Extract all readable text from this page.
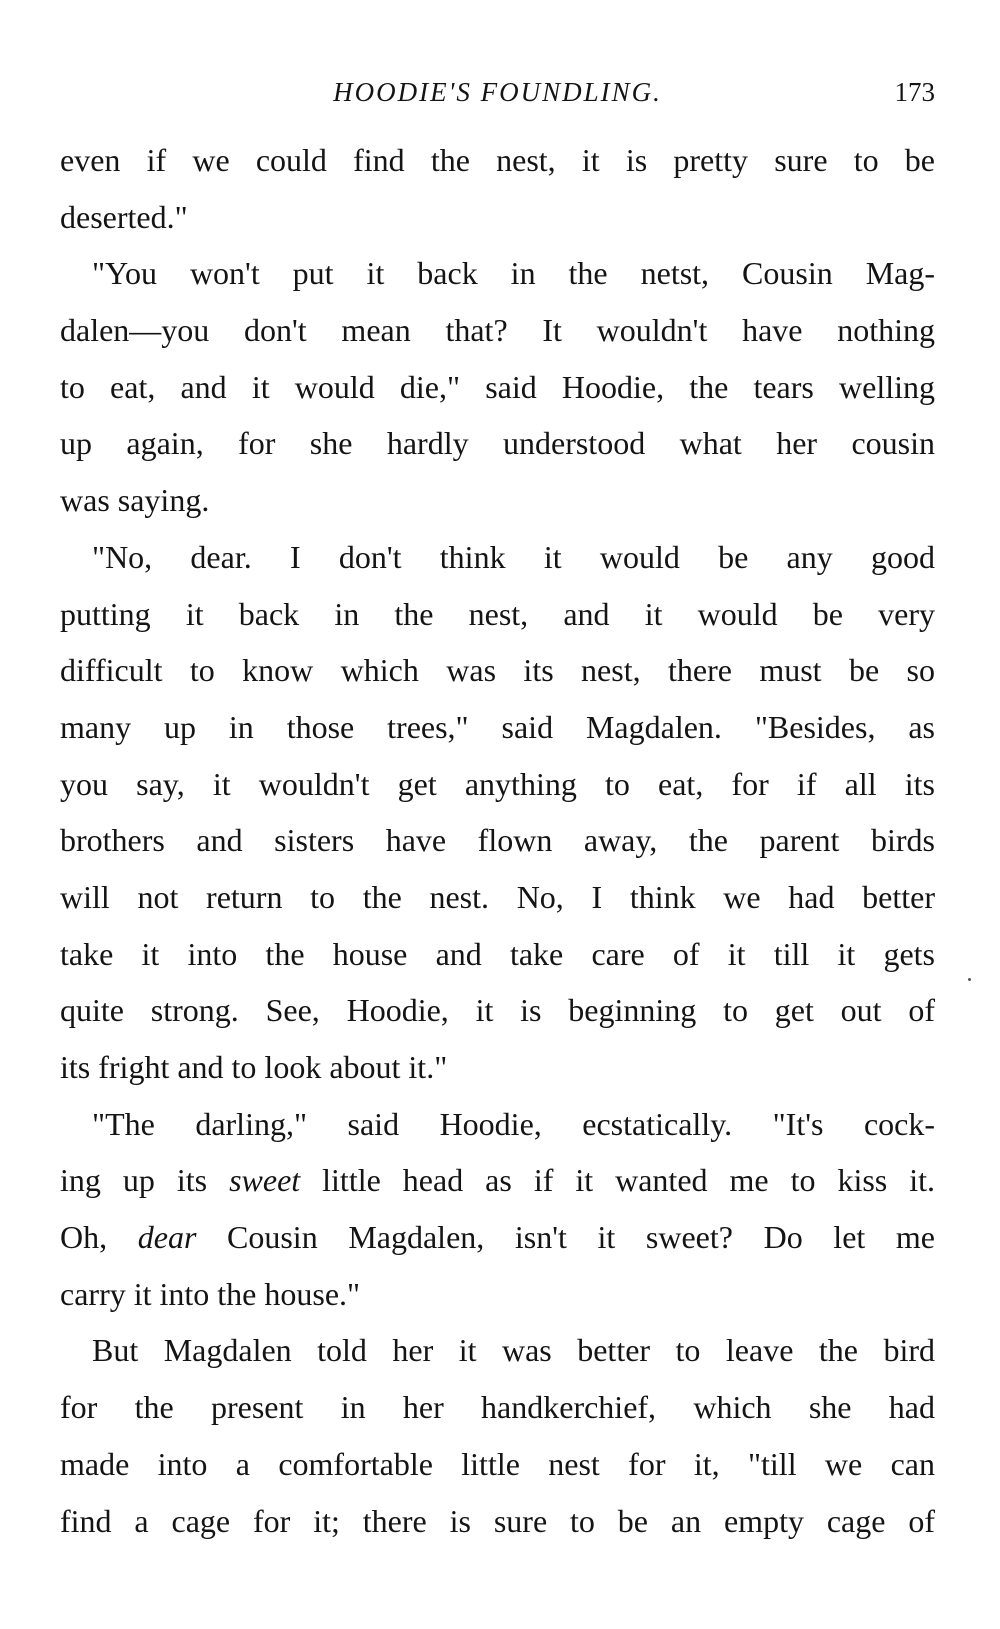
HOODIE'S FOUNDLING.	173
even if we could find the nest, it is pretty sure to be
deserted."
"You won't put it back in the netst, Cousin Mag-
dalen—you don't mean that? It wouldn't have nothing
to eat, and it would die," said Hoodie, the tears welling
up again, for she hardly understood what her cousin
was saying.
"No, dear. I don't think it would be any good
putting it back in the nest, and it would be very
difficult to know which was its nest, there must be so
many up in those trees," said Magdalen. "Besides, as
you say, it wouldn't get anything to eat, for if all its
brothers and sisters have flown away, the parent birds
will not return to the nest. No, I think we had better
take it into the house and take care of it till it gets
quite strong. See, Hoodie, it is beginning to get out of
its fright and to look about it."
"The darling," said Hoodie, ecstatically. "It's cock-
ing up its sweet little head as if it wanted me to kiss it.
Oh, dear Cousin Magdalen, isn't it sweet? Do let me
carry it into the house."
But Magdalen told her it was better to leave the bird
for the present in her handkerchief, which she had
made into a comfortable little nest for it, "till we can
find a cage for it; there is sure to be an empty cage of
